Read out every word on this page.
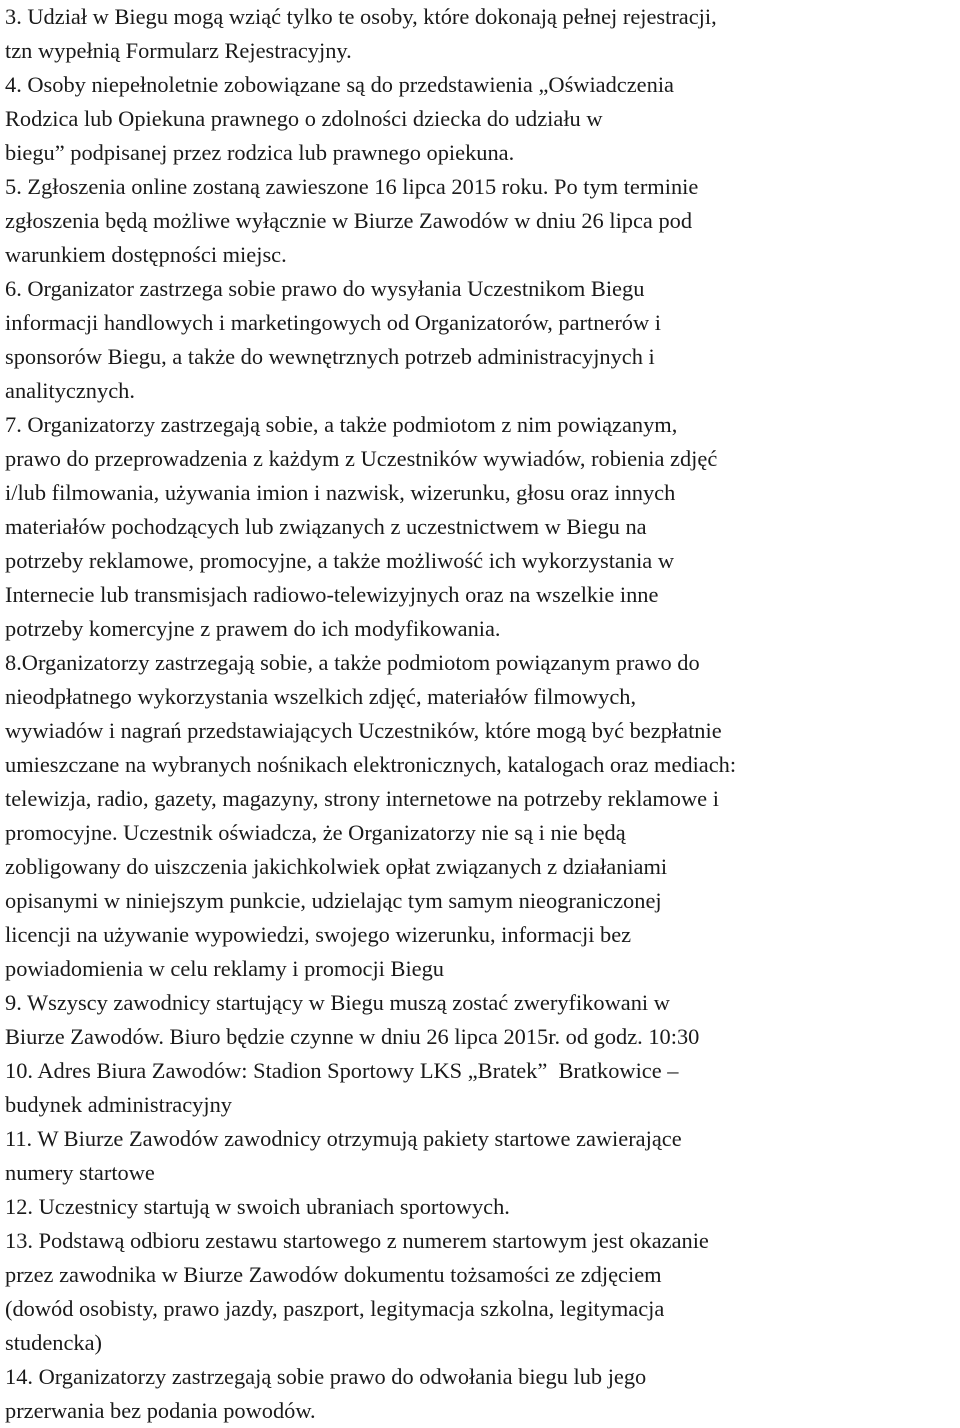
3. Udział w Biegu mogą wziąć tylko te osoby, które dokonają pełnej rejestracji,
tzn wypełnią Formularz Rejestracyjny.

4. Osoby niepełnoletnie zobowiązane są do przedstawienia „Oświadczenia
Rodzica lub Opiekuna prawnego o zdolności dziecka do udziału w
biegu” podpisanej przez rodzica lub prawnego opiekuna.

5. Zgłoszenia online zostaną zawieszone 16 lipca 2015 roku. Po tym terminie
zgłoszenia będą możliwe wyłącznie w Biurze Zawodów w dniu 26 lipca pod
warunkiem dostępności miejsc.

6. Organizator zastrzega sobie prawo do wysyłania Uczestnikom Biegu
informacji handlowych i marketingowych od Organizatorów, partnerów i
sponsorów Biegu, a także do wewnętrznych potrzeb administracyjnych i
analitycznych.

7. Organizatorzy zastrzegają sobie, a także podmiotom z nim powiązanym,
prawo do przeprowadzenia z każdym z Uczestników wywiadów, robienia zdjęć
i/lub filmowania, używania imion i nazwisk, wizerunku, głosu oraz innych
materiałów pochodzących lub związanych z uczestnictwem w Biegu na
potrzeby reklamowe, promocyjne, a także możliwość ich wykorzystania w
Internecie lub transmisjach radiowo-telewizyjnych oraz na wszelkie inne
potrzeby komercyjne z prawem do ich modyfikowania.

8.Organizatorzy zastrzegają sobie, a także podmiotom powiązanym prawo do
nieodpłatnego wykorzystania wszelkich zdjęć, materiałów filmowych,
wywiadów i nagrań przedstawiających Uczestników, które mogą być bezpłatnie
umieszczane na wybranych nośnikach elektronicznych, katalogach oraz mediach:
telewizja, radio, gazety, magazyny, strony internetowe na potrzeby reklamowe i
promocyjne. Uczestnik oświadcza, że Organizatorzy nie są i nie będą
zobligowany do uiszczenia jakichkolwiek opłat związanych z działaniami
opisanymi w niniejszym punkcie, udzielając tym samym nieograniczonej
licencji na używanie wypowiedzi, swojego wizerunku, informacji bez
powiadomienia w celu reklamy i promocji Biegu

9. Wszyscy zawodnicy startujący w Biegu muszą zostać zweryfikowani w
Biurze Zawodów. Biuro będzie czynne w dniu 26 lipca 2015r. od godz. 10:30

10. Adres Biura Zawodów: Stadion Sportowy LKS „Bratek”  Bratkowice –
budynek administracyjny

11. W Biurze Zawodów zawodnicy otrzymują pakiety startowe zawierające
numery startowe

12. Uczestnicy startują w swoich ubraniach sportowych.

13. Podstawą odbioru zestawu startowego z numerem startowym jest okazanie
przez zawodnika w Biurze Zawodów dokumentu tożsamości ze zdjęciem
(dowód osobisty, prawo jazdy, paszport, legitymacja szkolna, legitymacja
studencka)

14. Organizatorzy zastrzegają sobie prawo do odwołania biegu lub jego
przerwania bez podania powodów.
